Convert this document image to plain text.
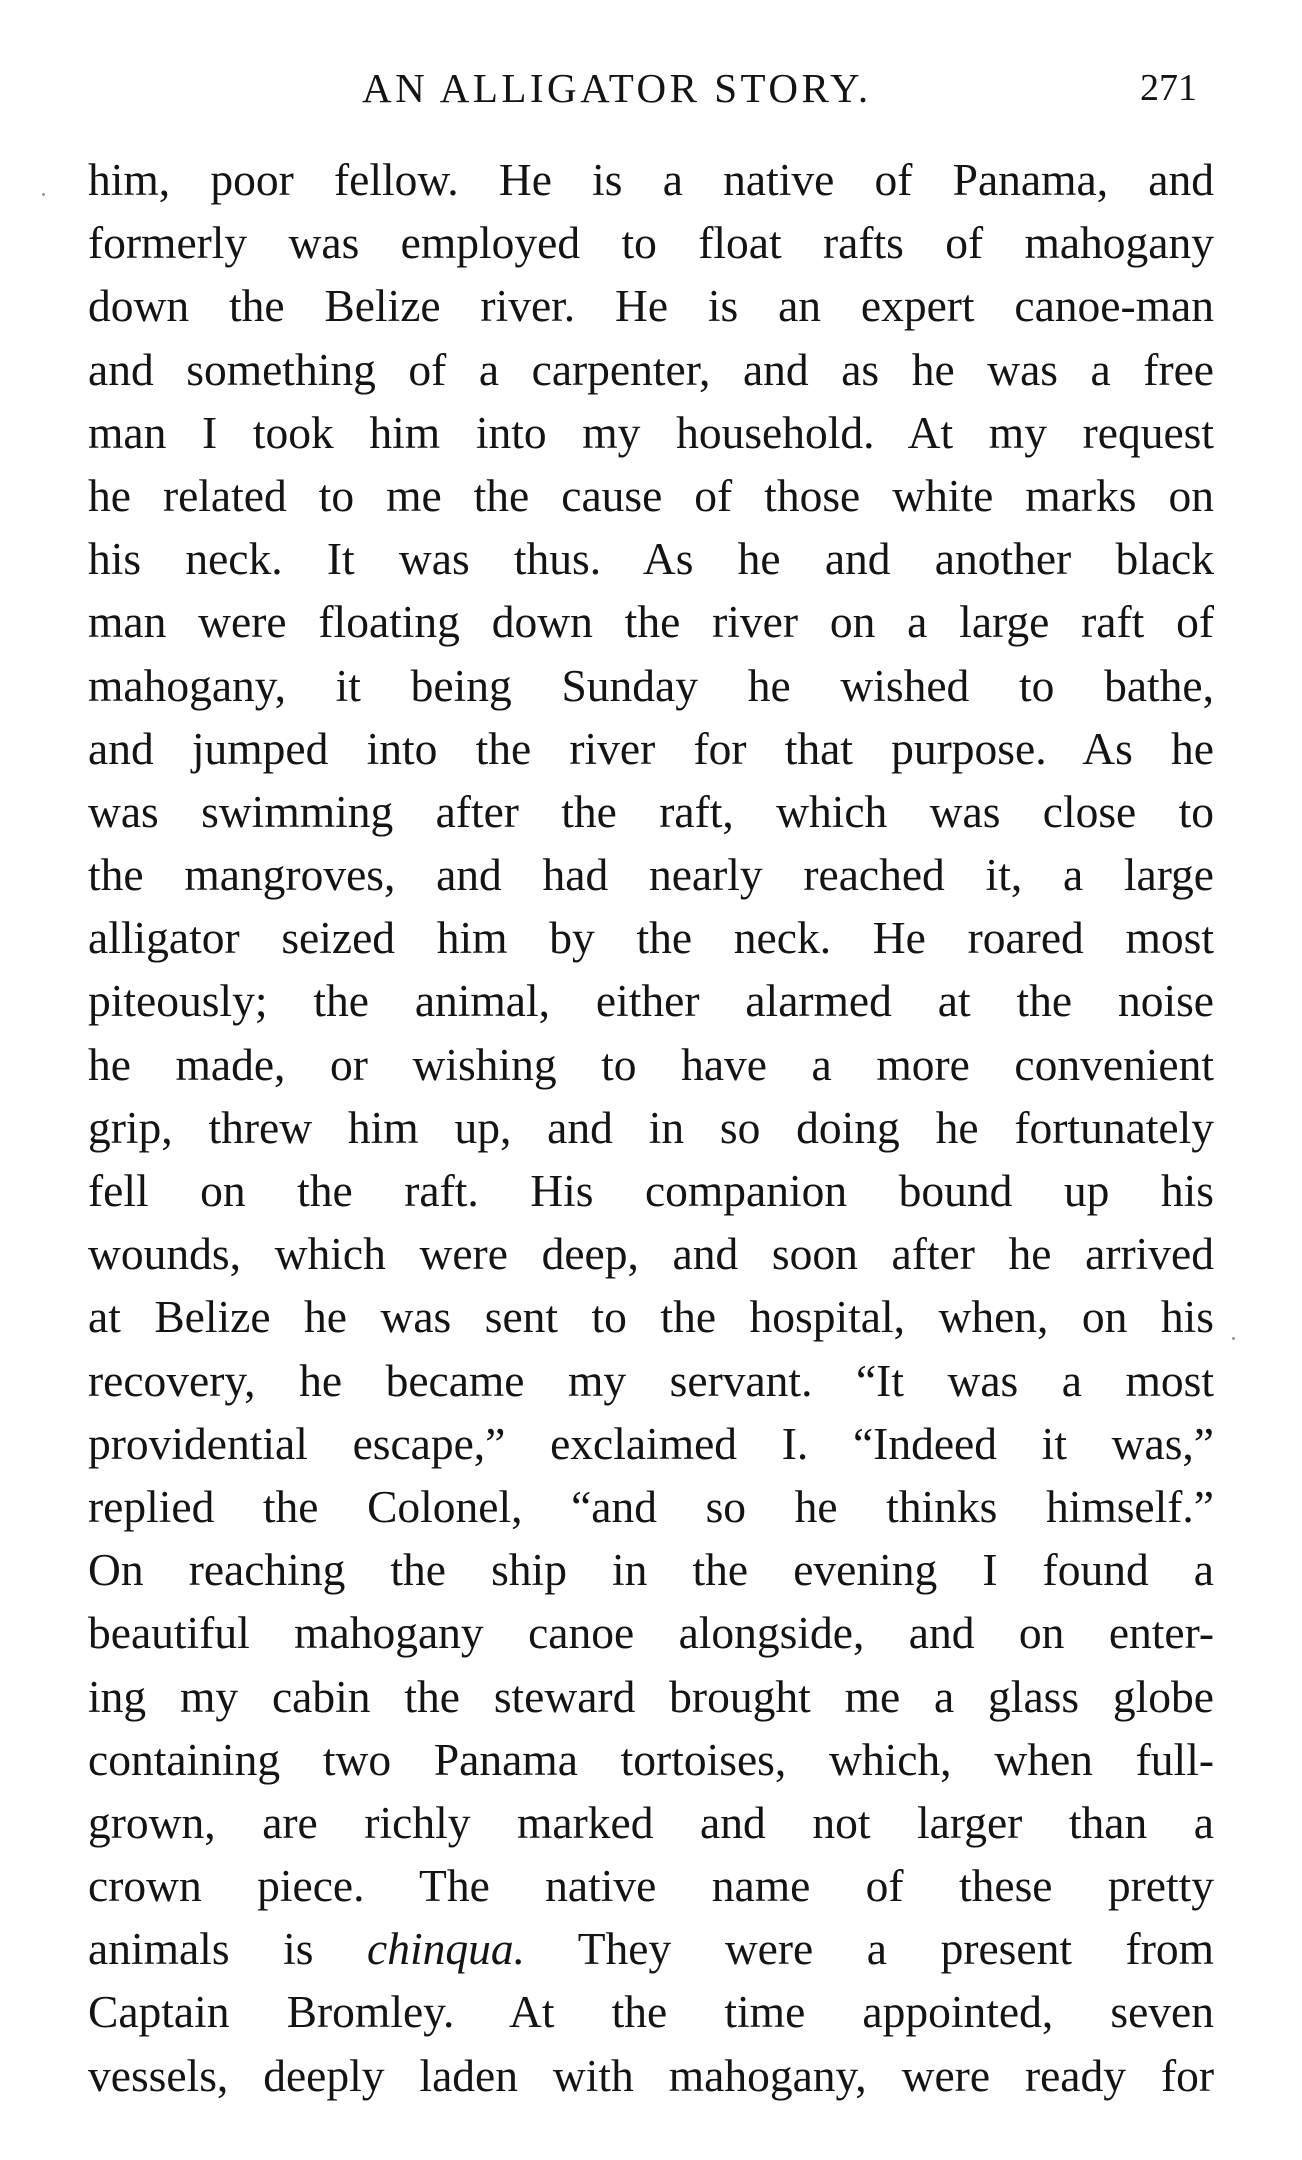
AN ALLIGATOR STORY.	271
him, poor fellow. He is a native of Panama, and
formerly was employed to float rafts of mahogany
down the Belize river. He is an expert canoe-man
and something of a carpenter, and as he was a free
man I took him into my household. At my request
he related to me the cause of those white marks on
his neck. It was thus. As he and another black
man were floating down the river on a large raft of
mahogany, it being Sunday he wished to bathe,
and jumped into the river for that purpose. As he
was swimming after the raft, which was close to
the mangroves, and had nearly reached it, a large
alligator seized him by the neck. He roared most
piteously; the animal, either alarmed at the noise
he made, or wishing to have a more convenient
grip, threw him up, and in so doing he fortunately
fell on the raft. His companion bound up his
wounds, which were deep, and soon after he arrived
at Belize he was sent to the hospital, when, on his
recovery, he became my servant. “It was a most
providential escape,” exclaimed I. “Indeed it was,”
replied the Colonel, “and so he thinks himself.”
On reaching the ship in the evening I found a
beautiful mahogany canoe alongside, and on enter-
ing my cabin the steward brought me a glass globe
containing two Panama tortoises, which, when full-
grown, are richly marked and not larger than a
crown piece. The native name of these pretty
animals is chinqua. They were a present from
Captain Bromley. At the time appointed, seven
vessels, deeply laden with mahogany, were ready for
